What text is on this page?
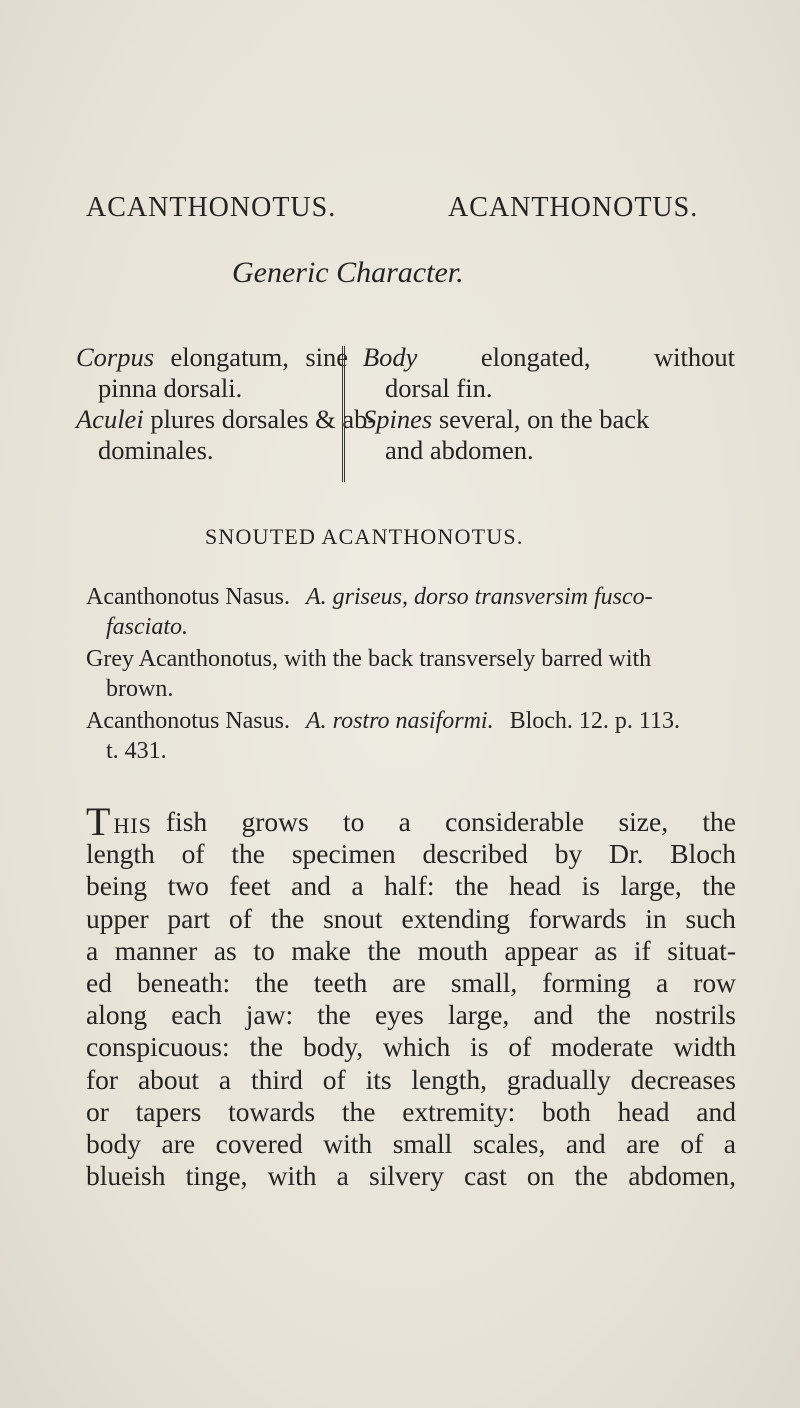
ACANTHONOTUS.	ACANTHONOTUS.
Generic Character.
Corpus elongatum, sine
pinna dorsali.
Aculei plures dorsales & ab-
dominales.
Body elongated, without
dorsal fin.
Spines several, on the back
and abdomen.
SNOUTED ACANTHONOTUS.
Acanthonotus Nasus. A. griseus, dorso transversim fusco-
fasciato.
Grey Acanthonotus, with the back transversely barred with
brown.
Acanthonotus Nasus. A. rostro nasiformi. Bloch. 12. p. 113.
t. 431.
THIS fish grows to a considerable size, the
length of the specimen described by Dr. Bloch
being two feet and a half: the head is large, the
upper part of the snout extending forwards in such
a manner as to make the mouth appear as if situat-
ed beneath: the teeth are small, forming a row
along each jaw: the eyes large, and the nostrils
conspicuous: the body, which is of moderate width
for about a third of its length, gradually decreases
or tapers towards the extremity: both head and
body are covered with small scales, and are of a
blueish tinge, with a silvery cast on the abdomen,
